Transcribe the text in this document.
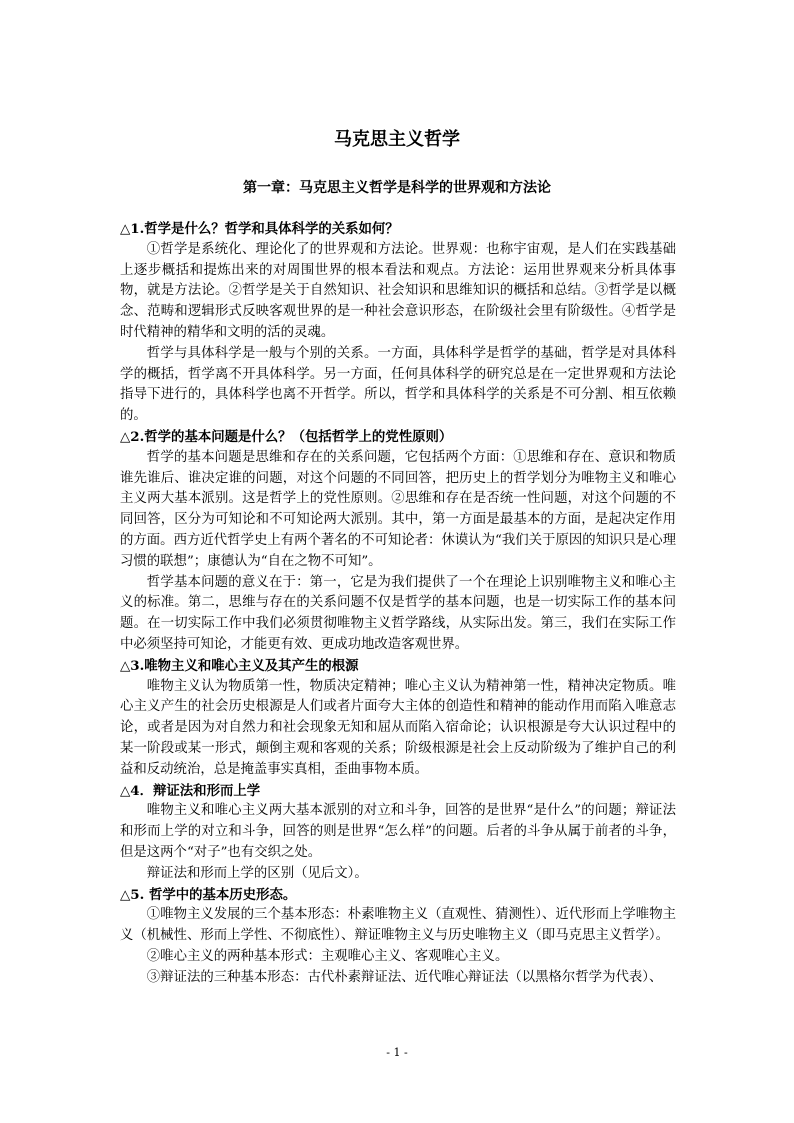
马克思主义哲学
第一章：马克思主义哲学是科学的世界观和方法论

△1.哲学是什么？哲学和具体科学的关系如何？

①哲学是系统化、理论化了的世界观和方法论。世界观：也称宇宙观，是人们在实践基础上逐步概括和提炼出来的对周围世界的根本看法和观点。方法论：运用世界观来分析具体事物，就是方法论。②哲学是关于自然知识、社会知识和思维知识的概括和总结。③哲学是以概念、范畴和逻辑形式反映客观世界的是一种社会意识形态，在阶级社会里有阶级性。④哲学是时代精神的精华和文明的活的灵魂。

哲学与具体科学是一般与个别的关系。一方面，具体科学是哲学的基础，哲学是对具体科学的概括，哲学离不开具体科学。另一方面，任何具体科学的研究总是在一定世界观和方法论指导下进行的，具体科学也离不开哲学。所以，哲学和具体科学的关系是不可分割、相互依赖的。

△2.哲学的基本问题是什么？（包括哲学上的党性原则）

哲学的基本问题是思维和存在的关系问题，它包括两个方面：①思维和存在、意识和物质谁先谁后、谁决定谁的问题，对这个问题的不同回答，把历史上的哲学划分为唯物主义和唯心主义两大基本派别。这是哲学上的党性原则。②思维和存在是否统一性问题，对这个问题的不同回答，区分为可知论和不可知论两大派别。其中，第一方面是最基本的方面，是起决定作用的方面。西方近代哲学史上有两个著名的不可知论者：休谟认为“我们关于原因的知识只是心理习惯的联想”；康德认为“自在之物不可知”。

哲学基本问题的意义在于：第一，它是为我们提供了一个在理论上识别唯物主义和唯心主义的标准。第二，思维与存在的关系问题不仅是哲学的基本问题，也是一切实际工作的基本问题。在一切实际工作中我们必须贯彻唯物主义哲学路线，从实际出发。第三，我们在实际工作中必须坚持可知论，才能更有效、更成功地改造客观世界。

△3.唯物主义和唯心主义及其产生的根源

唯物主义认为物质第一性，物质决定精神；唯心主义认为精神第一性，精神决定物质。唯心主义产生的社会历史根源是人们或者片面夸大主体的创造性和精神的能动作用而陷入唯意志论，或者是因为对自然力和社会现象无知和屈从而陷入宿命论；认识根源是夸大认识过程中的某一阶段或某一形式，颠倒主观和客观的关系；阶级根源是社会上反动阶级为了维护自己的利益和反动统治，总是掩盖事实真相，歪曲事物本质。

△4．辩证法和形而上学

唯物主义和唯心主义两大基本派别的对立和斗争，回答的是世界“是什么”的问题；辩证法和形而上学的对立和斗争，回答的则是世界“怎么样”的问题。后者的斗争从属于前者的斗争，但是这两个“对子”也有交织之处。

辩证法和形而上学的区别（见后文）。

△5. 哲学中的基本历史形态。

①唯物主义发展的三个基本形态：朴素唯物主义（直观性、猜测性）、近代形而上学唯物主义（机械性、形而上学性、不彻底性）、辩证唯物主义与历史唯物主义（即马克思主义哲学）。

②唯心主义的两种基本形式：主观唯心主义、客观唯心主义。

③辩证法的三种基本形态：古代朴素辩证法、近代唯心辩证法（以黑格尔哲学为代表）、

- 1 -
